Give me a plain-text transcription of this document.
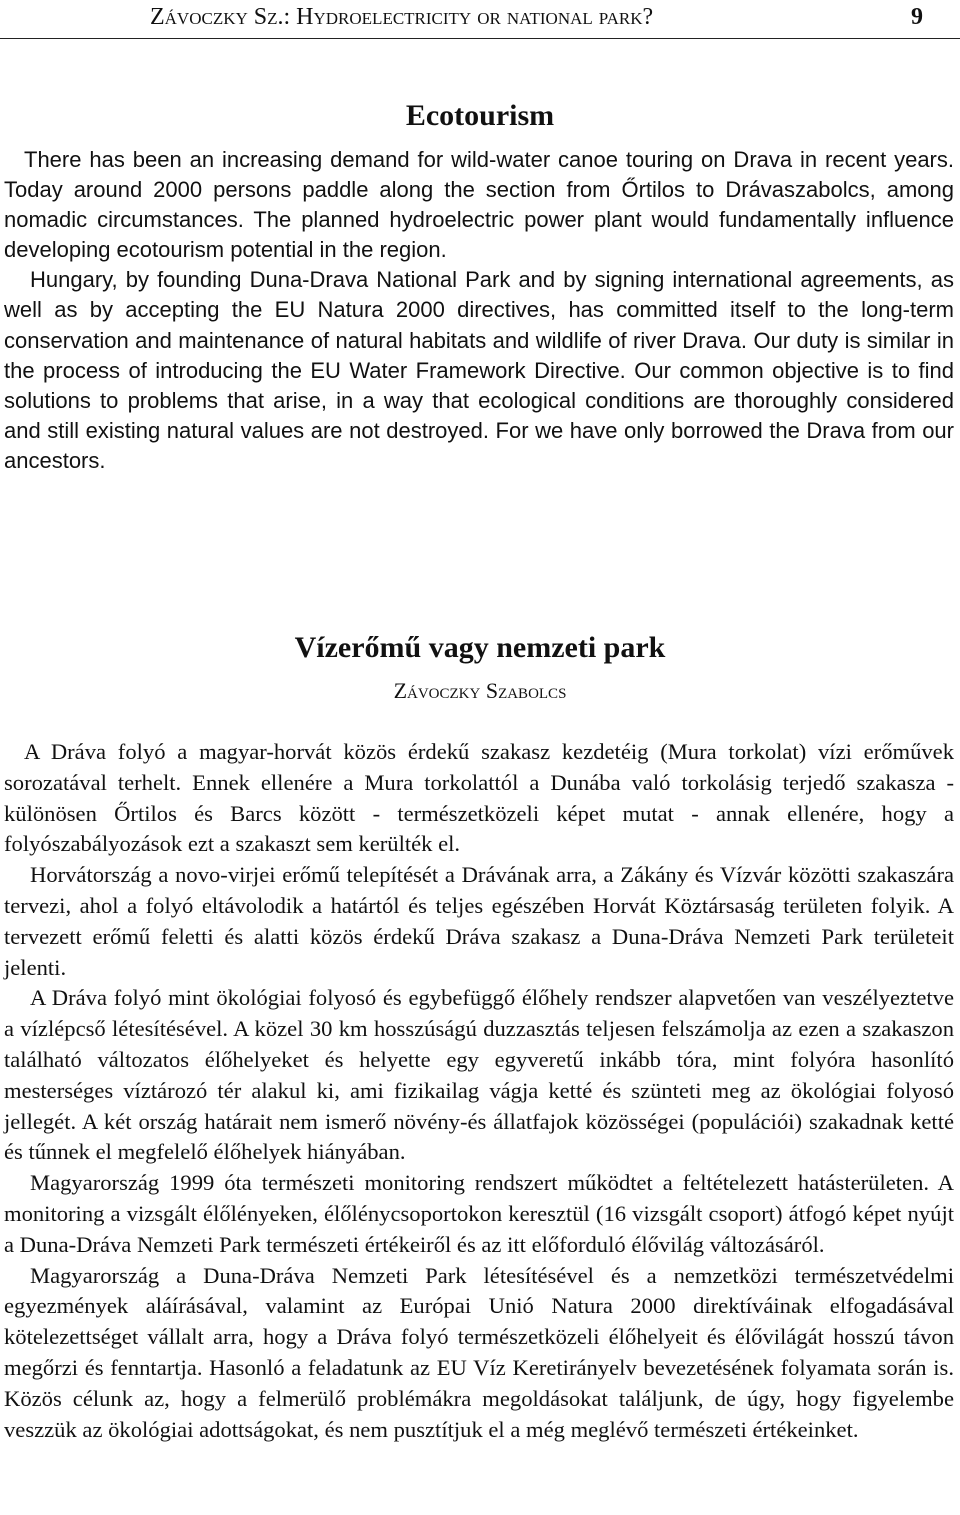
Závoczky Sz.: Hydroelectricity or national park?	9
Ecotourism

There has been an increasing demand for wild-water canoe touring on Drava in recent years. Today around 2000 persons paddle along the section from Őrtilos to Drávaszabolcs, among nomadic circumstances. The planned hydroelectric power plant would fundamentally influence developing ecotourism potential in the region.

Hungary, by founding Duna-Drava National Park and by signing international agreements, as well as by accepting the EU Natura 2000 directives, has committed itself to the long-term conservation and maintenance of natural habitats and wildlife of river Drava. Our duty is similar in the process of introducing the EU Water Framework Directive. Our common objective is to find solutions to problems that arise, in a way that ecological conditions are thoroughly considered and still existing natural values are not destroyed. For we have only borrowed the Drava from our ancestors.

Vízerőmű vagy nemzeti park
Závoczky Szabolcs

A Dráva folyó a magyar-horvát közös érdekű szakasz kezdetéig (Mura torkolat) vízi erőművek sorozatával terhelt. Ennek ellenére a Mura torkolattól a Dunába való torkolásig terjedő szakasza - különösen Őrtilos és Barcs között - természetközeli képet mutat - annak ellenére, hogy a folyószabályozások ezt a szakaszt sem kerülték el.

Horvátország a novo-virjei erőmű telepítését a Drávának arra, a Zákány és Vízvár közötti szakaszára tervezi, ahol a folyó eltávolodik a határtól és teljes egészében Horvát Köztársaság területen folyik. A tervezett erőmű feletti és alatti közös érdekű Dráva szakasz a Duna-Dráva Nemzeti Park területeit jelenti.

A Dráva folyó mint ökológiai folyosó és egybefüggő élőhely rendszer alapvetően van veszélyeztetve a vízlépcső létesítésével. A közel 30 km hosszúságú duzzasztás teljesen felszámolja az ezen a szakaszon található változatos élőhelyeket és helyette egy egyveretű inkább tóra, mint folyóra hasonlító mesterséges víztározó tér alakul ki, ami fizikailag vágja ketté és szünteti meg az ökológiai folyosó jellegét. A két ország határait nem ismerő növény-és állatfajok közösségei (populációi) szakadnak ketté és tűnnek el megfelelő élőhelyek hiányában.

Magyarország 1999 óta természeti monitoring rendszert működtet a feltételezett hatásterületen. A monitoring a vizsgált élőlényeken, élőlénycsoportokon keresztül (16 vizsgált csoport) átfogó képet nyújt a Duna-Dráva Nemzeti Park természeti értékeiről és az itt előforduló élővilág változásáról.

Magyarország a Duna-Dráva Nemzeti Park létesítésével és a nemzetközi természetvédelmi egyezmények aláírásával, valamint az Európai Unió Natura 2000 direktíváinak elfogadásával kötelezettséget vállalt arra, hogy a Dráva folyó természetközeli élőhelyeit és élővilágát hosszú távon megőrzi és fenntartja. Hasonló a feladatunk az EU Víz Keretirányelv bevezetésének folyamata során is. Közös célunk az, hogy a felmerülő problémákra megoldásokat találjunk, de úgy, hogy figyelembe veszzük az ökológiai adottságokat, és nem pusztítjuk el a még meglévő természeti értékeinket.
